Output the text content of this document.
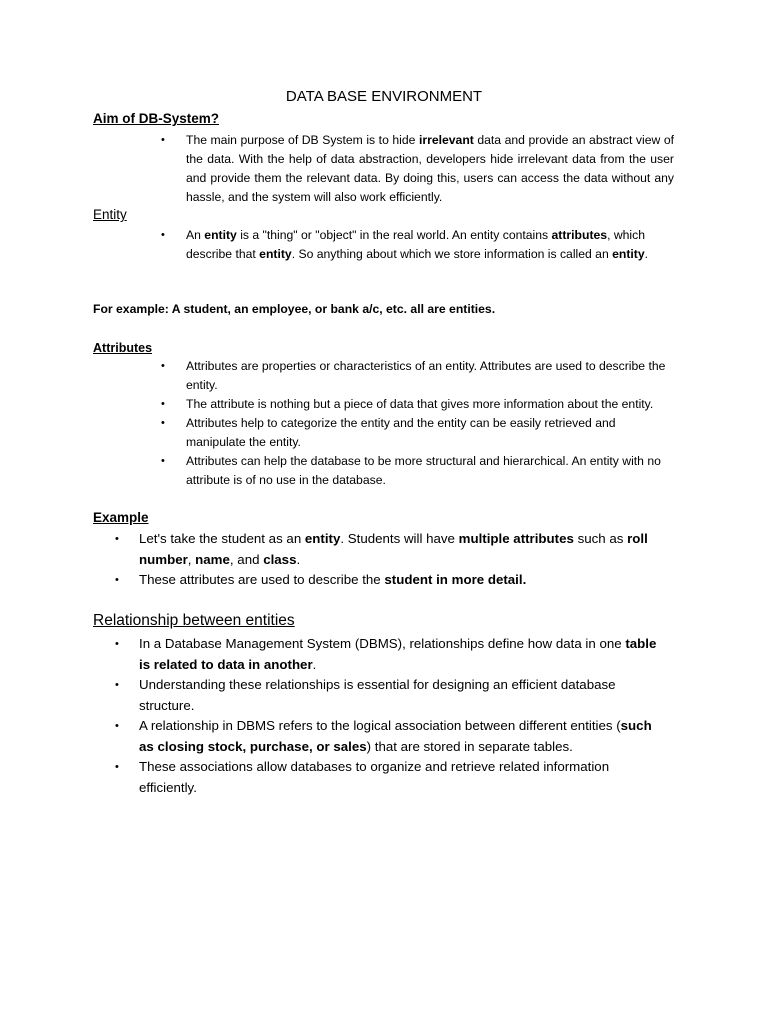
DATA BASE ENVIRONMENT
Aim of DB-System?
• The main purpose of DB System is to hide irrelevant data and provide an abstract view of the data. With the help of data abstraction, developers hide irrelevant data from the user and provide them the relevant data. By doing this, users can access the data without any hassle, and the system will also work efficiently.
Entity
• An entity is a "thing" or "object" in the real world. An entity contains attributes, which describe that entity. So anything about which we store information is called an entity.
For example: A student, an employee, or bank a/c, etc. all are entities.
Attributes
• Attributes are properties or characteristics of an entity. Attributes are used to describe the entity.
• The attribute is nothing but a piece of data that gives more information about the entity.
• Attributes help to categorize the entity and the entity can be easily retrieved and manipulate the entity.
• Attributes can help the database to be more structural and hierarchical. An entity with no attribute is of no use in the database.
Example
• Let's take the student as an entity. Students will have multiple attributes such as roll number, name, and class.
• These attributes are used to describe the student in more detail.
Relationship between entities
• In a Database Management System (DBMS), relationships define how data in one table is related to data in another.
• Understanding these relationships is essential for designing an efficient database structure.
• A relationship in DBMS refers to the logical association between different entities (such as closing stock, purchase, or sales) that are stored in separate tables.
• These associations allow databases to organize and retrieve related information efficiently.
